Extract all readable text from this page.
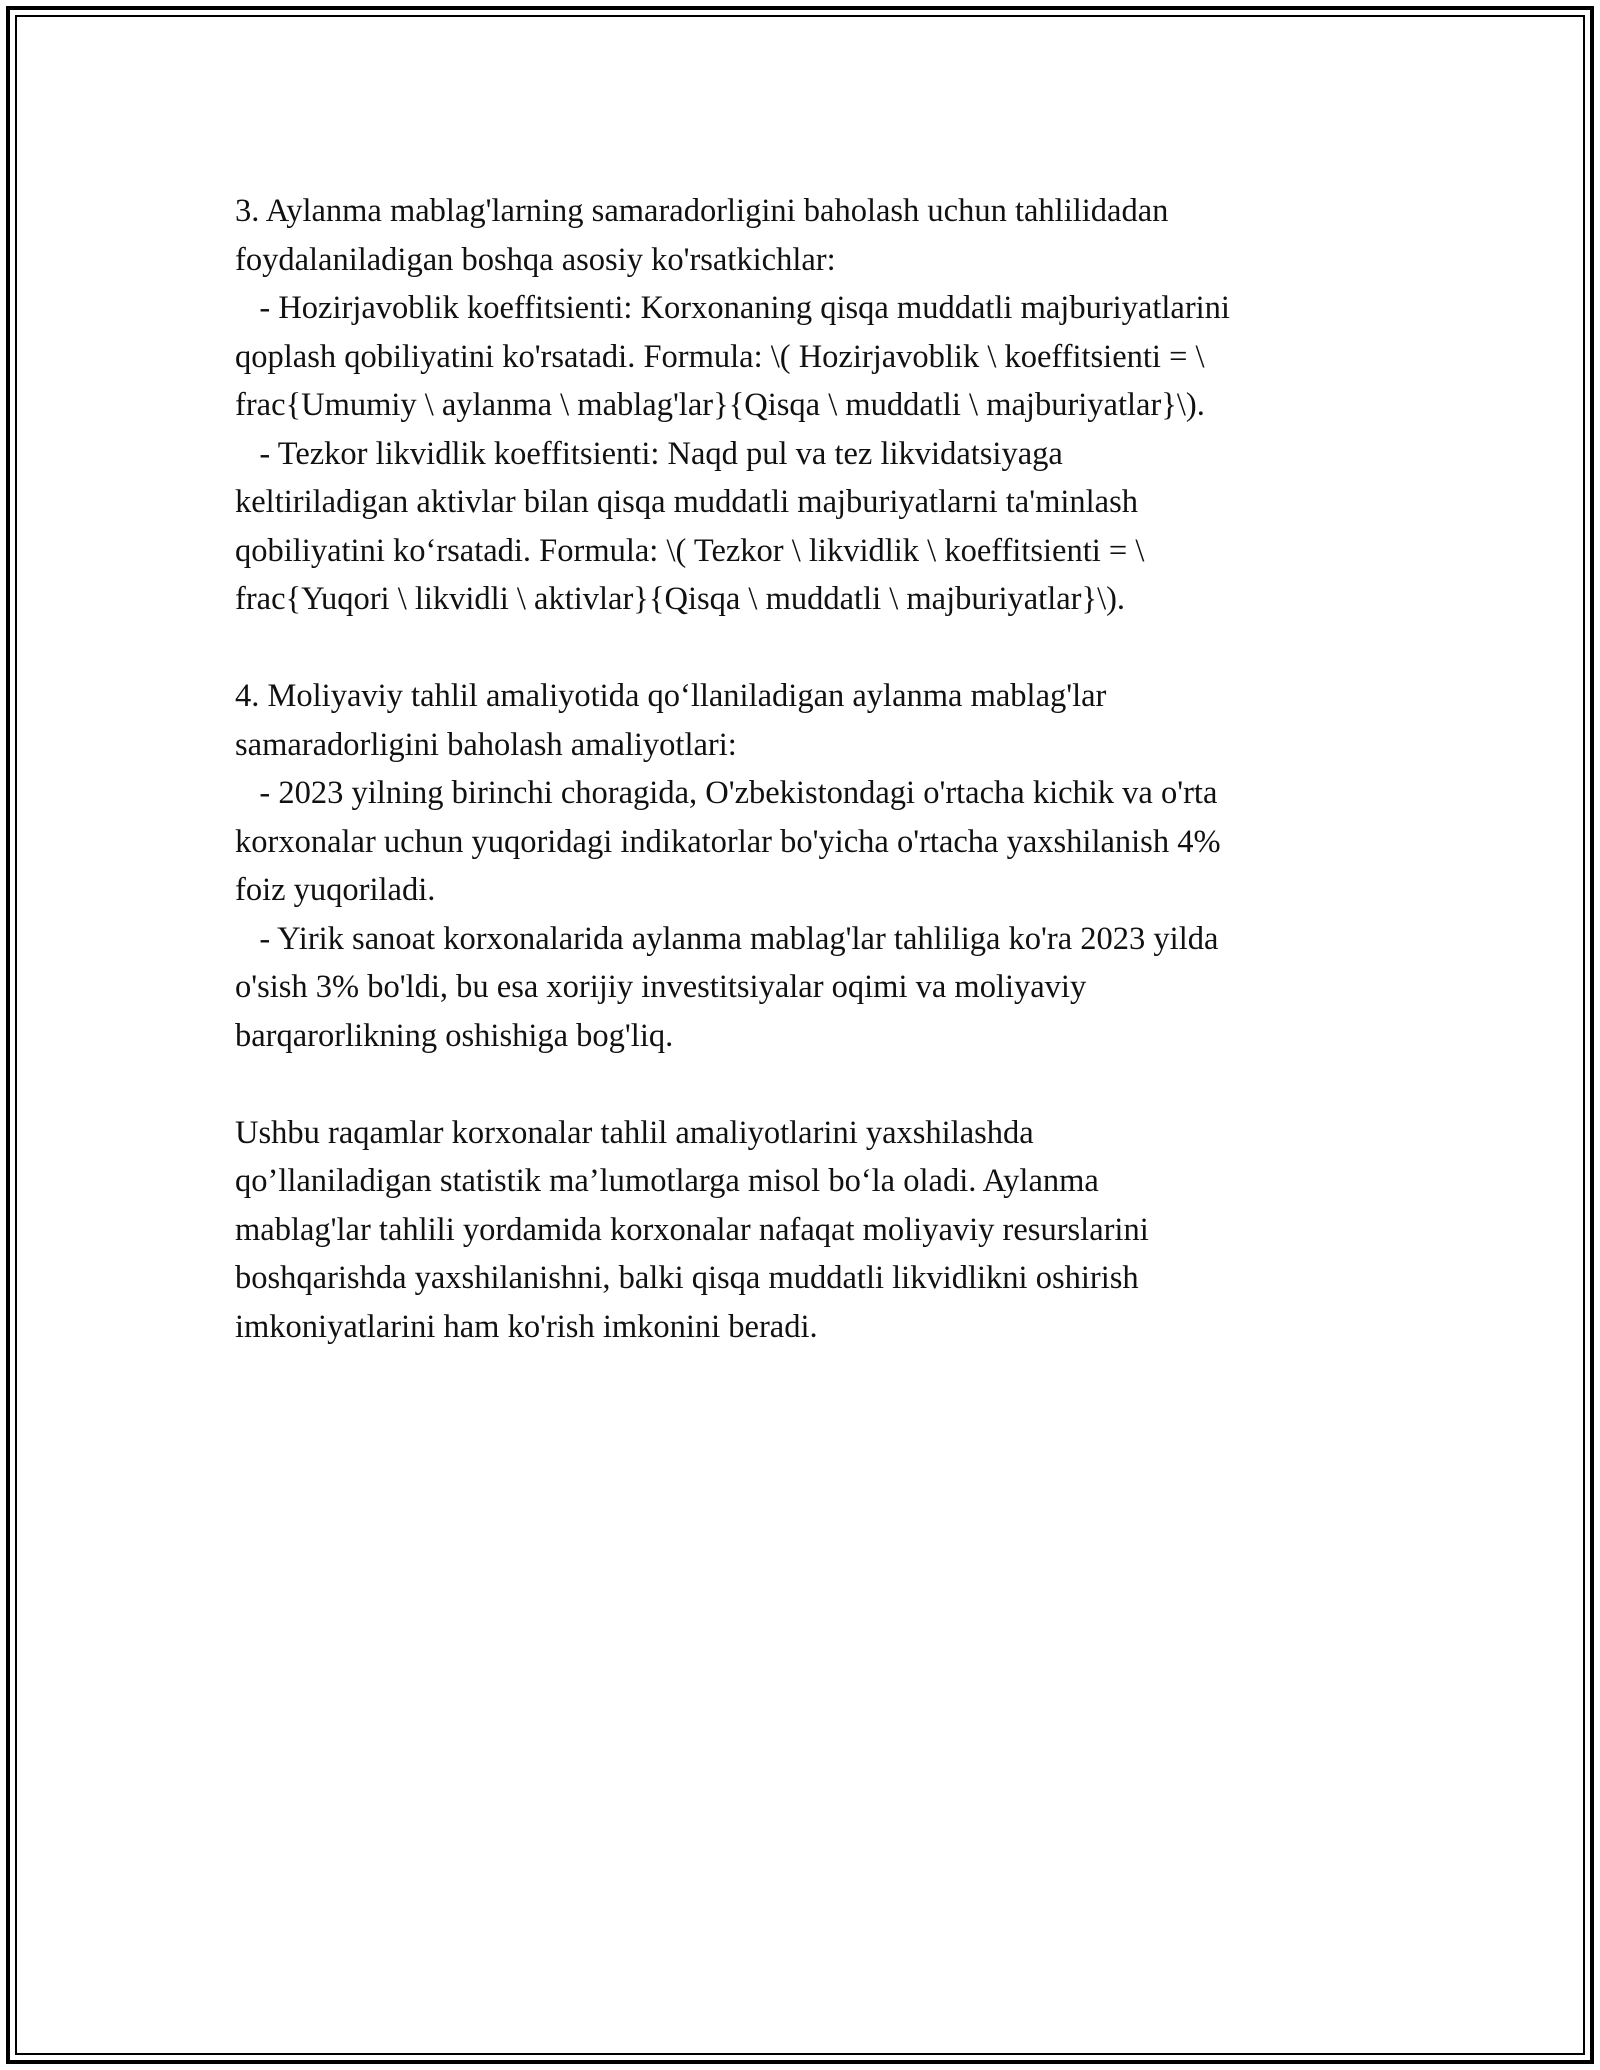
3. Aylanma mablag'larning samaradorligini baholash uchun tahlilidadan
foydalaniladigan boshqa asosiy ko'rsatkichlar:
- Hozirjavoblik koeffitsienti: Korxonaning qisqa muddatli majburiyatlarini
qoplash qobiliyatini ko'rsatadi. Formula: \( Hozirjavoblik \ koeffitsienti = \
frac{Umumiy \ aylanma \ mablag'lar}{Qisqa \ muddatli \ majburiyatlar}\).
- Tezkor likvidlik koeffitsienti: Naqd pul va tez likvidatsiyaga
keltiriladigan aktivlar bilan qisqa muddatli majburiyatlarni ta'minlash
qobiliyatini ko‘rsatadi. Formula: \( Tezkor \ likvidlik \ koeffitsienti = \
frac{Yuqori \ likvidli \ aktivlar}{Qisqa \ muddatli \ majburiyatlar}\).
4. Moliyaviy tahlil amaliyotida qo‘llaniladigan aylanma mablag'lar
samaradorligini baholash amaliyotlari:
- 2023 yilning birinchi choragida, O'zbekistondagi o'rtacha kichik va o'rta
korxonalar uchun yuqoridagi indikatorlar bo'yicha o'rtacha yaxshilanish 4%
foiz yuqoriladi.
- Yirik sanoat korxonalarida aylanma mablag'lar tahliliga ko'ra 2023 yilda
o'sish 3% bo'ldi, bu esa xorijiy investitsiyalar oqimi va moliyaviy
barqarorlikning oshishiga bog'liq.
Ushbu raqamlar korxonalar tahlil amaliyotlarini yaxshilashda
qo’llaniladigan statistik ma’lumotlarga misol bo‘la oladi. Aylanma
mablag'lar tahlili yordamida korxonalar nafaqat moliyaviy resurslarini
boshqarishda yaxshilanishni, balki qisqa muddatli likvidlikni oshirish
imkoniyatlarini ham ko'rish imkonini beradi.
